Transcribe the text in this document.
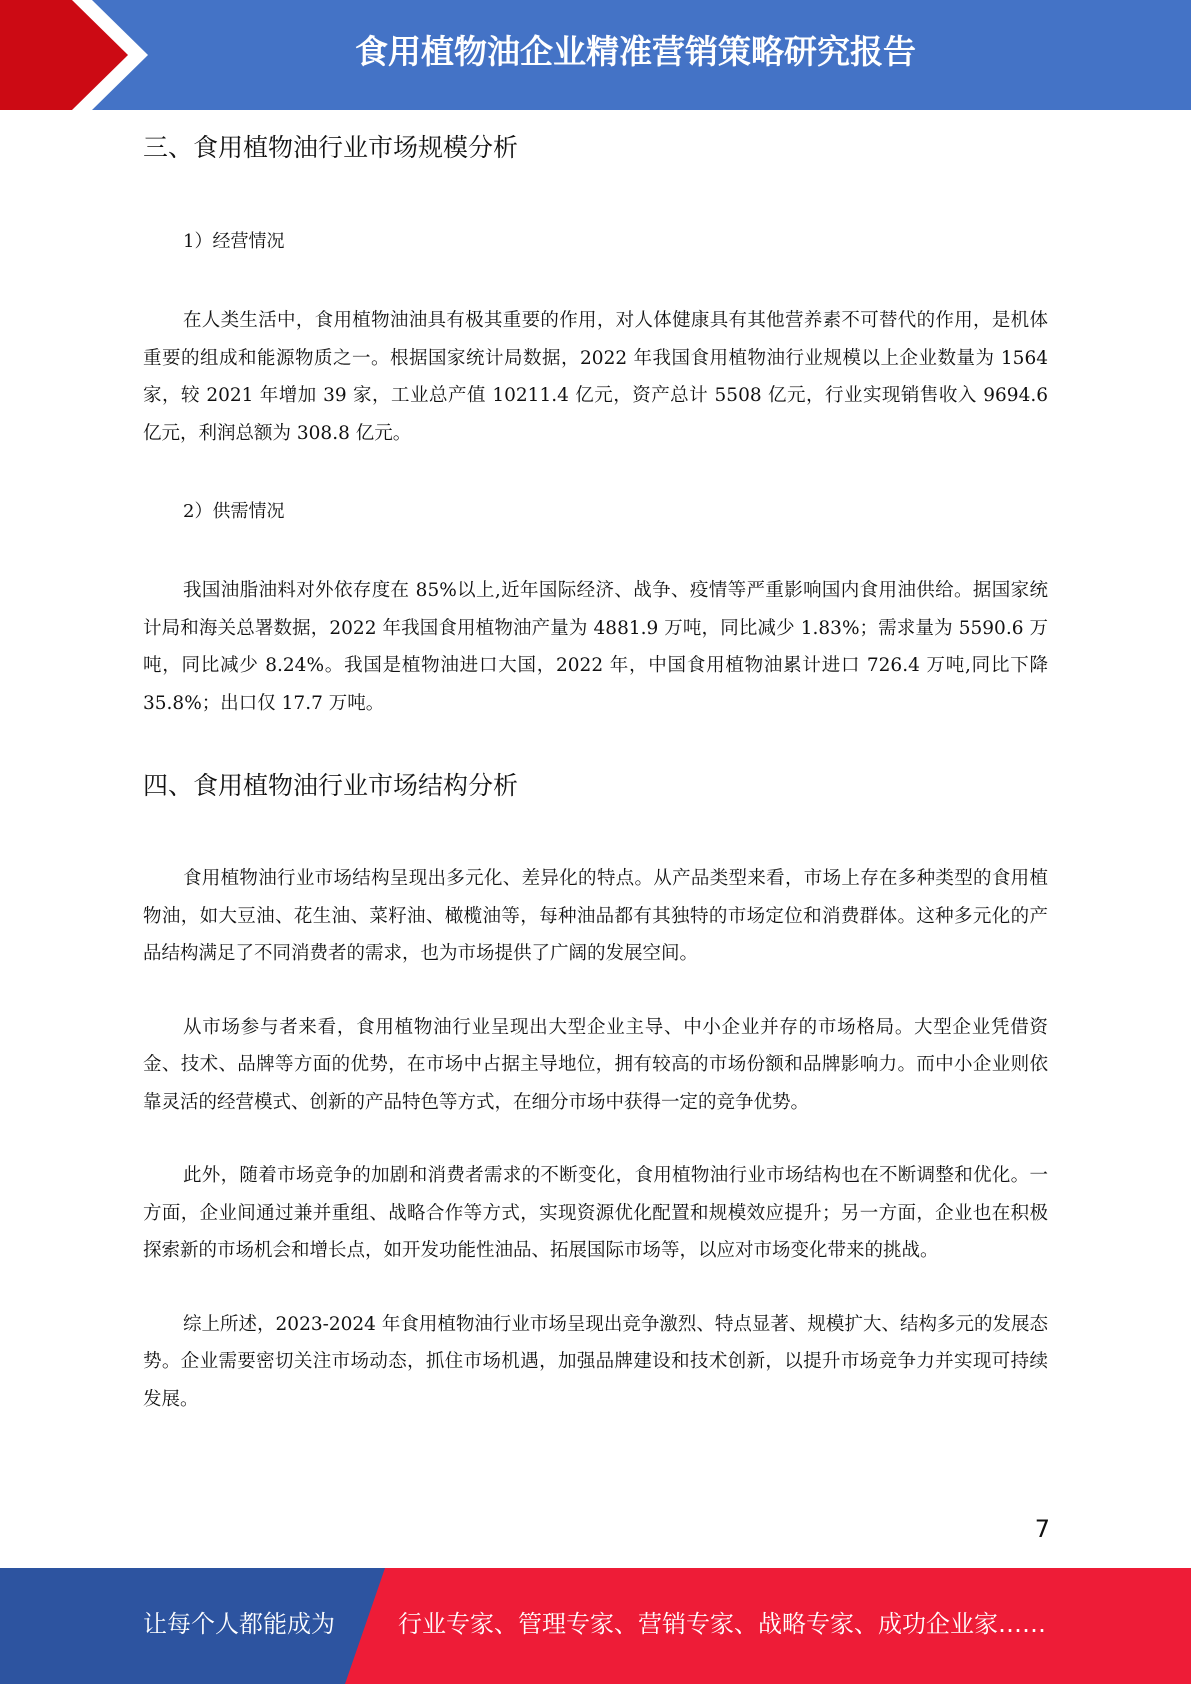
食用植物油企业精准营销策略研究报告
三、食用植物油行业市场规模分析
1）经营情况

在人类生活中，食用植物油油具有极其重要的作用，对人体健康具有其他营养素不可替代的作用，是机体重要的组成和能源物质之一。根据国家统计局数据，2022 年我国食用植物油行业规模以上企业数量为 1564 家，较 2021 年增加 39 家，工业总产值 10211.4 亿元，资产总计 5508 亿元，行业实现销售收入 9694.6 亿元，利润总额为 308.8 亿元。

2）供需情况

我国油脂油料对外依存度在 85%以上,近年国际经济、战争、疫情等严重影响国内食用油供给。据国家统计局和海关总署数据，2022 年我国食用植物油产量为 4881.9 万吨，同比减少 1.83%；需求量为 5590.6 万吨，同比减少 8.24%。我国是植物油进口大国，2022 年，中国食用植物油累计进口 726.4 万吨,同比下降 35.8%；出口仅 17.7 万吨。

四、食用植物油行业市场结构分析

食用植物油行业市场结构呈现出多元化、差异化的特点。从产品类型来看，市场上存在多种类型的食用植物油，如大豆油、花生油、菜籽油、橄榄油等，每种油品都有其独特的市场定位和消费群体。这种多元化的产品结构满足了不同消费者的需求，也为市场提供了广阔的发展空间。

从市场参与者来看，食用植物油行业呈现出大型企业主导、中小企业并存的市场格局。大型企业凭借资金、技术、品牌等方面的优势，在市场中占据主导地位，拥有较高的市场份额和品牌影响力。而中小企业则依靠灵活的经营模式、创新的产品特色等方式，在细分市场中获得一定的竞争优势。

此外，随着市场竞争的加剧和消费者需求的不断变化，食用植物油行业市场结构也在不断调整和优化。一方面，企业间通过兼并重组、战略合作等方式，实现资源优化配置和规模效应提升；另一方面，企业也在积极探索新的市场机会和增长点，如开发功能性油品、拓展国际市场等，以应对市场变化带来的挑战。

综上所述，2023-2024 年食用植物油行业市场呈现出竞争激烈、特点显著、规模扩大、结构多元的发展态势。企业需要密切关注市场动态，抓住市场机遇，加强品牌建设和技术创新，以提升市场竞争力并实现可持续发展。

7
让每个人都能成为	行业专家、管理专家、营销专家、战略专家、成功企业家……
